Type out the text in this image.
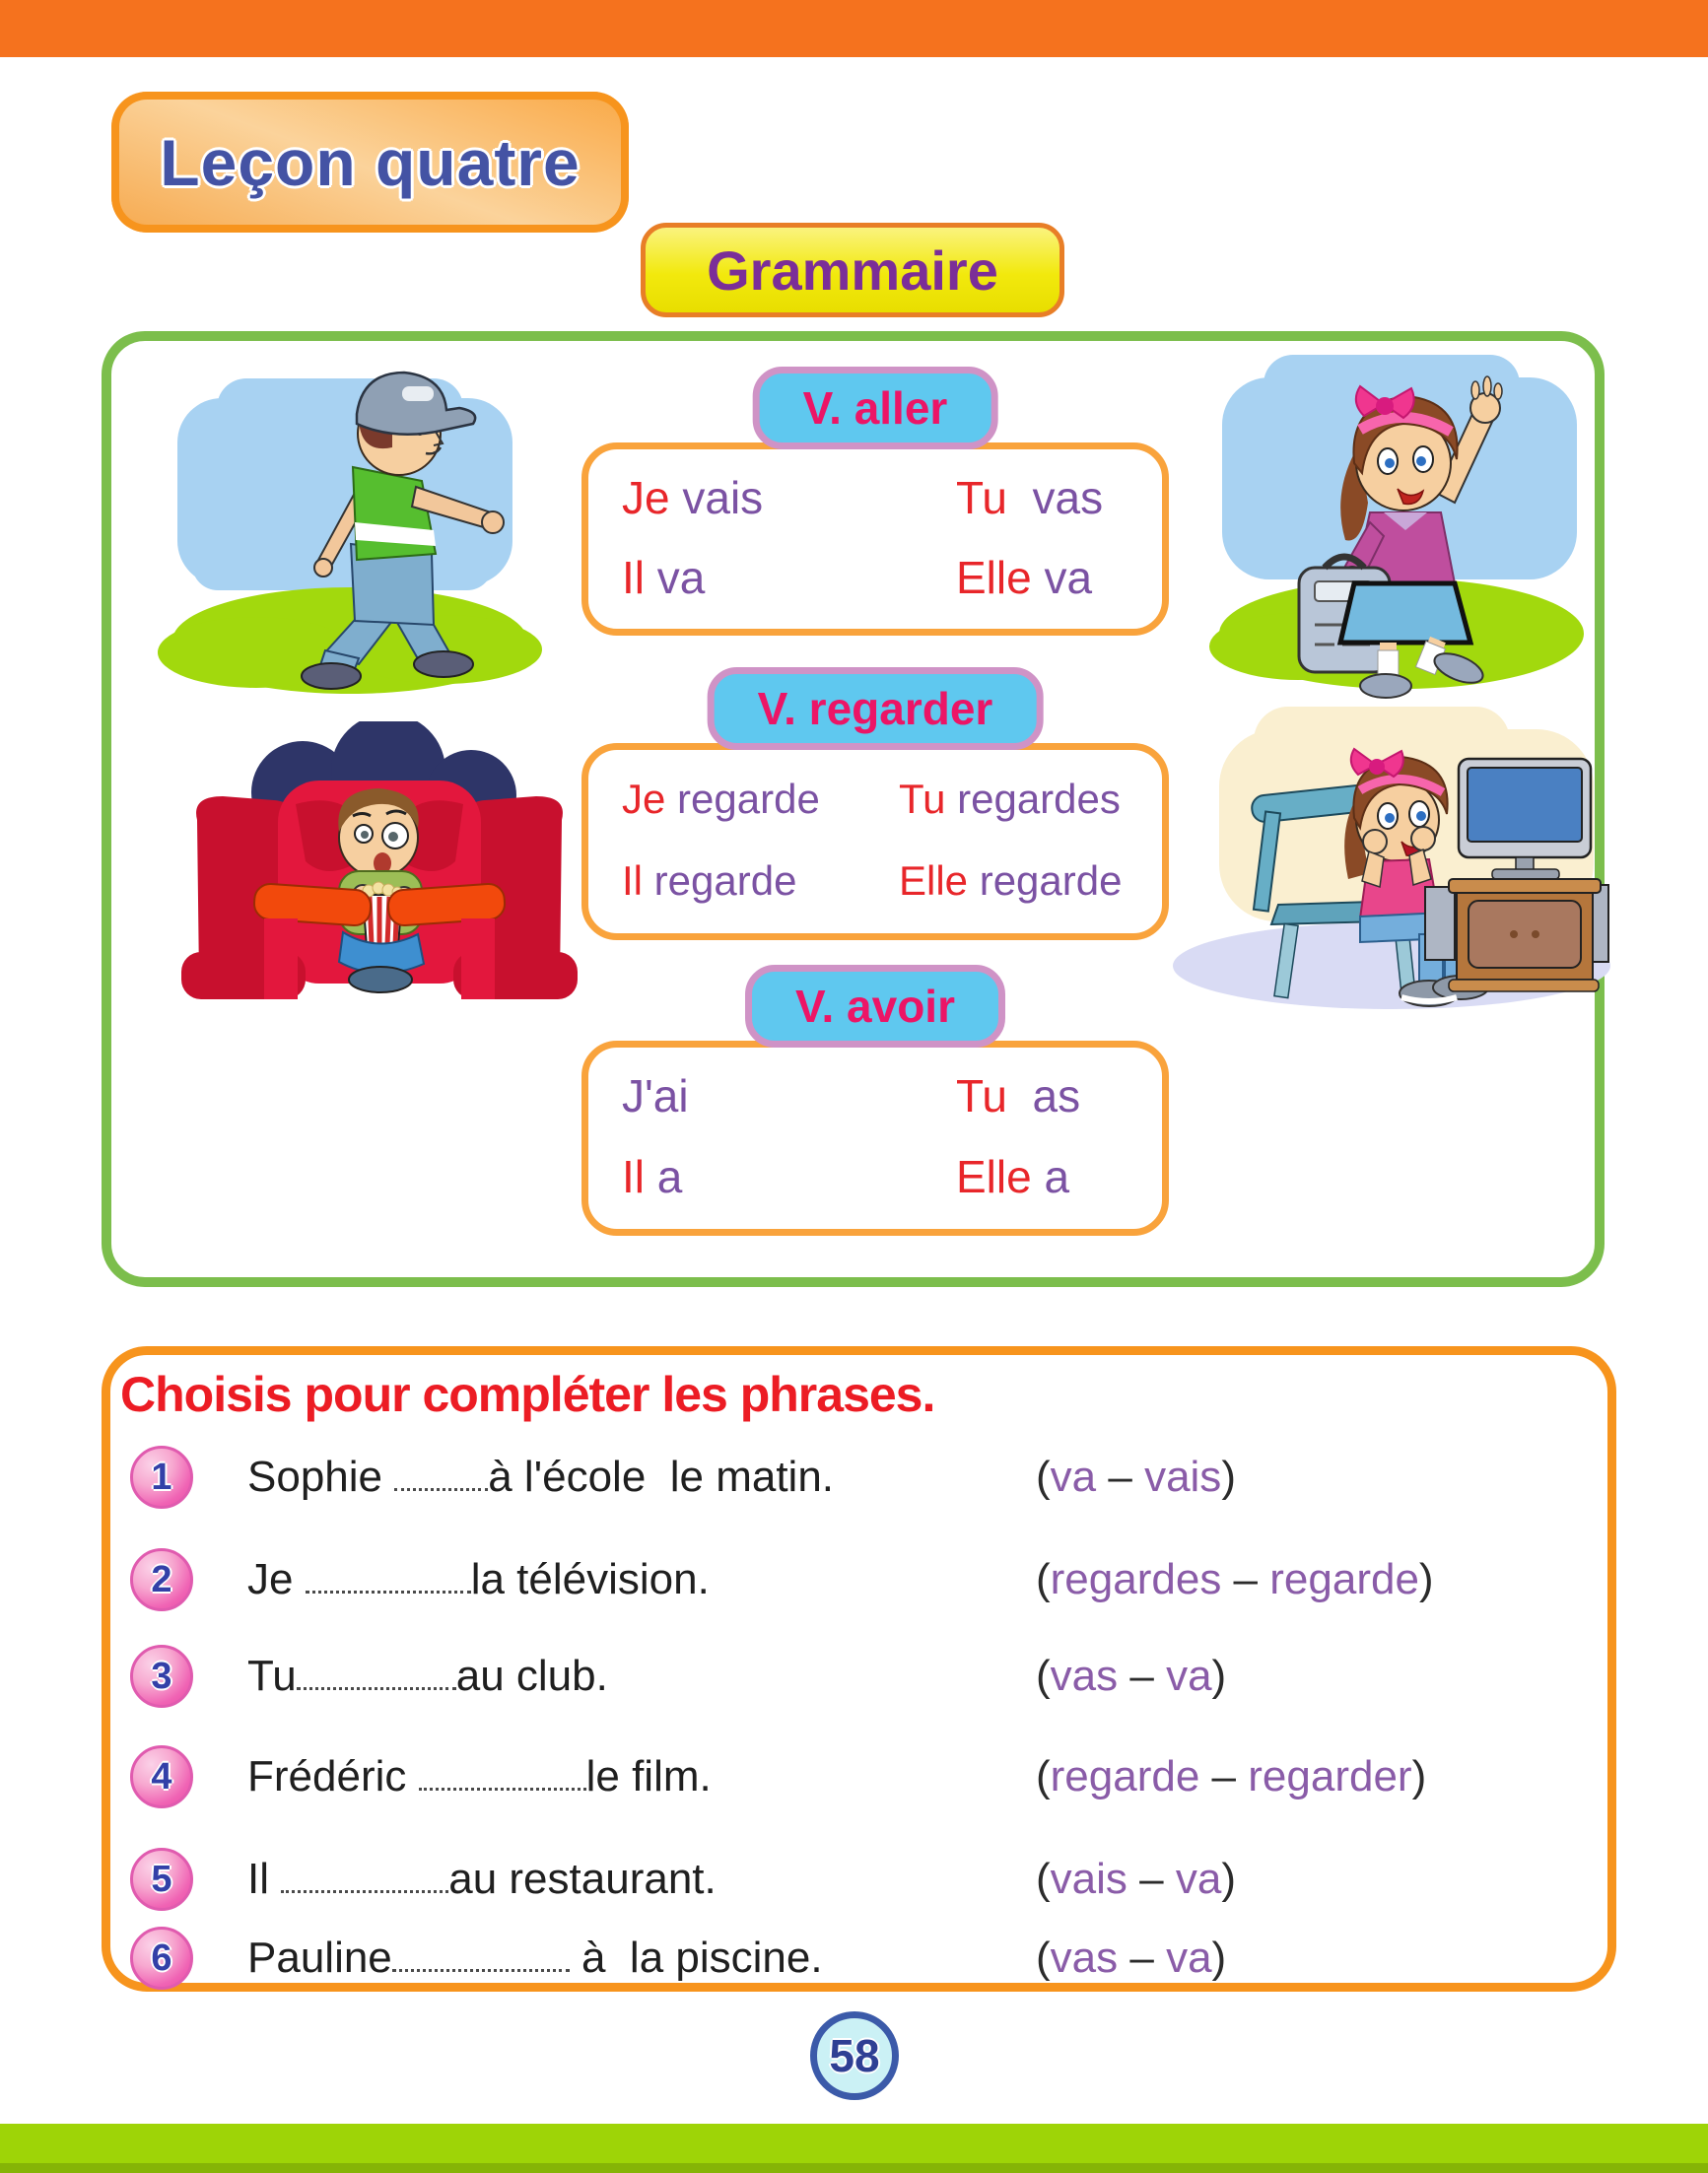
Leçon quatre
Grammaire
V. aller
Je vais	Tu  vas
Il va	Elle va
V. regarder
Je regarde	Tu regardes
Il regarde	Elle regarde
V. avoir
J'ai	Tu  as
Il a	Elle a
Choisis pour compléter les phrases.
1 Sophie à l'école  le matin.	(va – vais)
2 Je	la télévision.	(regardes – regarde)
3 Tu	au club.	(vas – va)
4 Frédéric	le film.	(regarde – regarder)
5 Il	au restaurant.	(vais – va)
6 Pauline	à  la piscine.	(vas – va)
58
